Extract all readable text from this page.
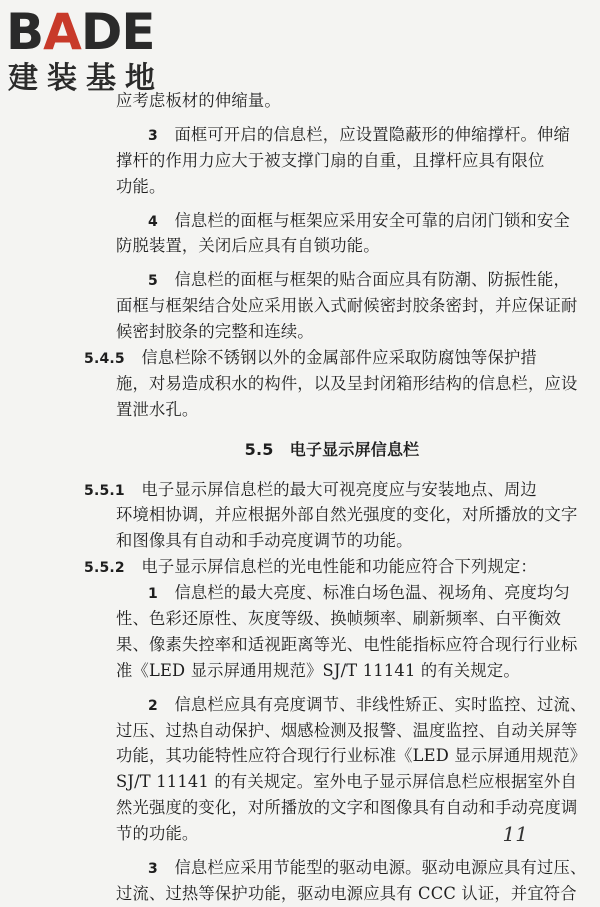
BADE
建装基地
应考虑板材的伸缩量。
3  面框可开启的信息栏，应设置隐蔽形的伸缩撑杆。伸缩
撑杆的作用力应大于被支撑门扇的自重，且撑杆应具有限位
功能。
4  信息栏的面框与框架应采用安全可靠的启闭门锁和安全
防脱装置，关闭后应具有自锁功能。
5  信息栏的面框与框架的贴合面应具有防潮、防振性能，
面框与框架结合处应采用嵌入式耐候密封胶条密封，并应保证耐
候密封胶条的完整和连续。
5.4.5  信息栏除不锈钢以外的金属部件应采取防腐蚀等保护措
施，对易造成积水的构件，以及呈封闭箱形结构的信息栏，应设
置泄水孔。
5.5　电子显示屏信息栏
5.5.1  电子显示屏信息栏的最大可视亮度应与安装地点、周边
环境相协调，并应根据外部自然光强度的变化，对所播放的文字
和图像具有自动和手动亮度调节的功能。
5.5.2  电子显示屏信息栏的光电性能和功能应符合下列规定：
1  信息栏的最大亮度、标准白场色温、视场角、亮度均匀
性、色彩还原性、灰度等级、换帧频率、刷新频率、白平衡效
果、像素失控率和适视距离等光、电性能指标应符合现行行业标
准《LED 显示屏通用规范》SJ/T 11141 的有关规定。
2  信息栏应具有亮度调节、非线性矫正、实时监控、过流、
过压、过热自动保护、烟感检测及报警、温度监控、自动关屏等
功能，其功能特性应符合现行行业标准《LED 显示屏通用规范》
SJ/T 11141 的有关规定。室外电子显示屏信息栏应根据室外自
然光强度的变化，对所播放的文字和图像具有自动和手动亮度调
节的功能。
3  信息栏应采用节能型的驱动电源。驱动电源应具有过压、
过流、过热等保护功能，驱动电源应具有 CCC 认证，并宜符合
11
